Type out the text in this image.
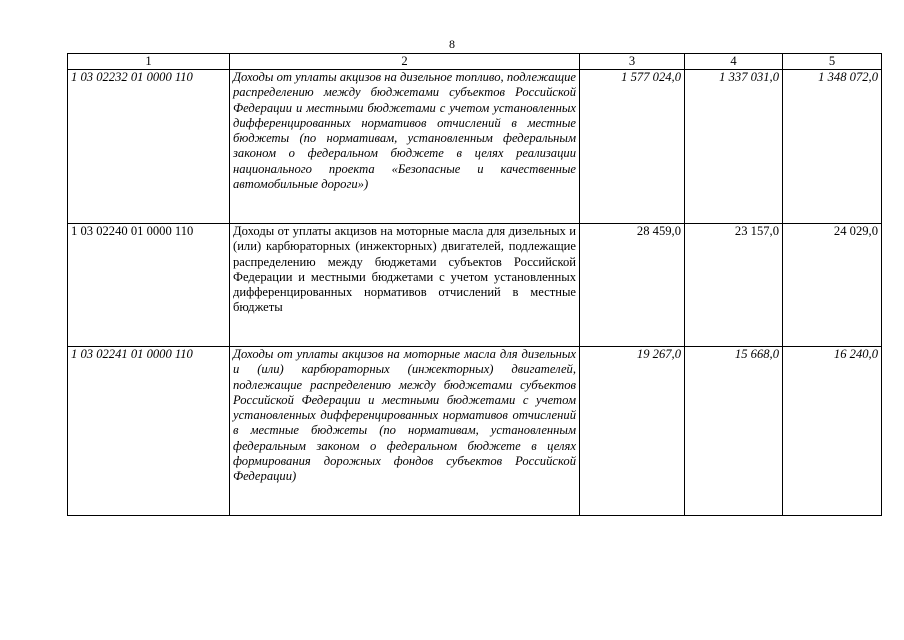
8
1	2	3	4	5
1 03 02232 01 0000 110	Доходы от уплаты акцизов на дизельное топливо, подлежащие распределению между бюджетами субъектов Российской Федерации и местными бюджетами с учетом установленных дифференцированных нормативов отчислений в местные бюджеты (по нормативам, установленным федеральным законом о федеральном бюджете в целях реализации национального проекта «Безопасные и качественные автомобильные дороги»)	1 577 024,0	1 337 031,0	1 348 072,0
1 03 02240 01 0000 110	Доходы от уплаты акцизов на моторные масла для дизельных и (или) карбюраторных (инжекторных) двигателей, подлежащие распределению между бюджетами субъектов Российской Федерации и местными бюджетами с учетом установленных дифференцированных нормативов отчислений в местные бюджеты	28 459,0	23 157,0	24 029,0
1 03 02241 01 0000 110	Доходы от уплаты акцизов на моторные масла для дизельных и (или) карбюраторных (инжекторных) двигателей, подлежащие распределению между бюджетами субъектов Российской Федерации и местными бюджетами с учетом установленных дифференцированных нормативов отчислений в местные бюджеты (по нормативам, установленным федеральным законом о федеральном бюджете в целях формирования дорожных фондов субъектов Российской Федерации)	19 267,0	15 668,0	16 240,0
